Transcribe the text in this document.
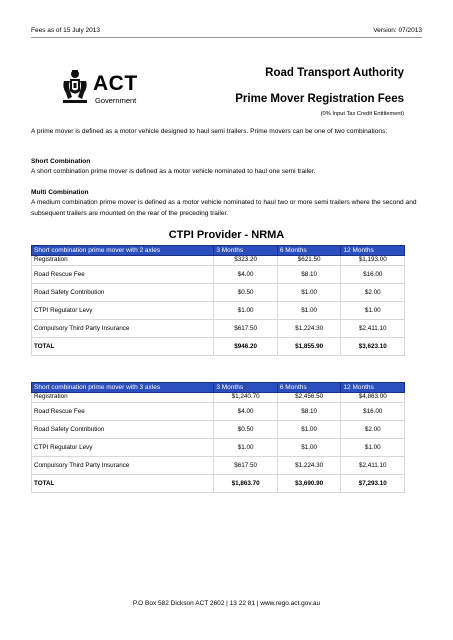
Fees as of 15 July 2013	Version: 07/2013
ACT
Government
Road Transport Authority
Prime Mover Registration Fees
(0% Input Tax Credit Entitlement)
A prime mover is defined as a motor vehicle designed to haul semi trailers. Prime movers can be one of two combinations:
Short Combination
A short combination prime mover is defined as a motor vehicle nominated to haul one semi trailer.
Multi Combination
A medium combination prime mover is defined as a motor vehicle nominated to haul two or more semi trailers where the second and subsequent trailers are mounted on the rear of the preceding trailer.
CTPI Provider - NRMA
Short combination prime mover with 2 axles	3 Months	6 Months	12 Months
Registration	$323.20	$621.50	$1,193.00
Road Rescue Fee	$4.00	$8.10	$16.00
Road Safety Contribution	$0.50	$1.00	$2.00
CTPI Regulator Levy	$1.00	$1.00	$1.00
Compulsory Third Party Insurance	$617.50	$1,224.30	$2,411.10
TOTAL	$946.20	$1,855.90	$3,623.10
Short combination prime mover with 3 axles	3 Months	6 Months	12 Months
Registration	$1,240.70	$2,456.50	$4,863.00
Road Rescue Fee	$4.00	$8.10	$16.00
Road Safety Contribution	$0.50	$1.00	$2.00
CTPI Regulator Levy	$1.00	$1.00	$1.00
Compulsory Third Party Insurance	$617.50	$1,224.30	$2,411.10
TOTAL	$1,863.70	$3,690.90	$7,293.10
P.O Box 582 Dickson ACT 2602 | 13 22 81 | www.rego.act.gov.au
